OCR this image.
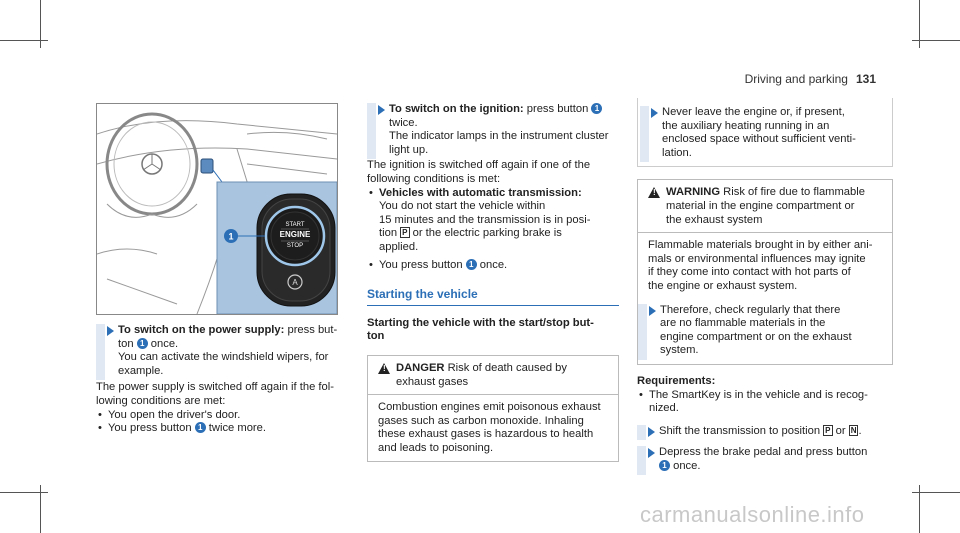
Driving and parking 131
START
ENGINE
STOP
A
1
To switch on the power supply: press but-
ton 1 once.
You can activate the windshield wipers, for
example.
The power supply is switched off again if the fol-
lowing conditions are met:
• You open the driver's door.
• You press button 1 twice more.
To switch on the ignition: press button 1
twice.
The indicator lamps in the instrument cluster
light up.
The ignition is switched off again if one of the
following conditions is met:
• Vehicles with automatic transmission:
You do not start the vehicle within
15 minutes and the transmission is in posi-
tion P or the electric parking brake is
applied.
• You press button 1 once.
Starting the vehicle
Starting the vehicle with the start/stop but-
ton
! DANGER Risk of death caused by
exhaust gases
Combustion engines emit poisonous exhaust
gases such as carbon monoxide. Inhaling
these exhaust gases is hazardous to health
and leads to poisoning.
Never leave the engine or, if present,
the auxiliary heating running in an
enclosed space without sufficient venti-
lation.
! WARNING Risk of fire due to flammable
material in the engine compartment or
the exhaust system
Flammable materials brought in by either ani-
mals or environmental influences may ignite
if they come into contact with hot parts of
the engine or exhaust system.
Therefore, check regularly that there
are no flammable materials in the
engine compartment or on the exhaust
system.
Requirements:
• The SmartKey is in the vehicle and is recog-
nized.
Shift the transmission to position P or N .
Depress the brake pedal and press button
1 once.
carmanualsonline.info
